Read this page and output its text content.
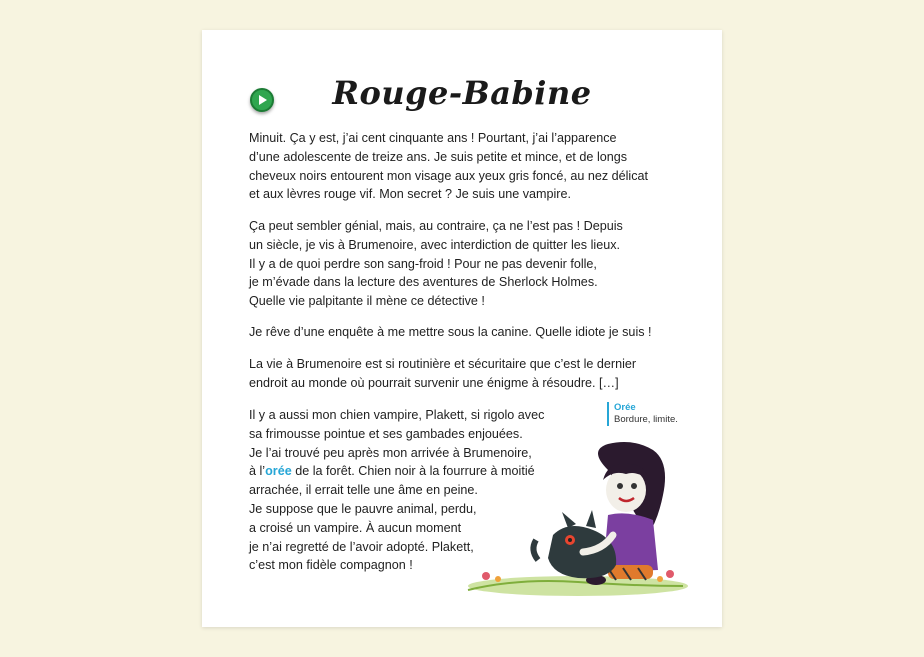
Rouge-Babine

Minuit. Ça y est, j’ai cent cinquante ans ! Pourtant, j’ai l’apparence
d’une adolescente de treize ans. Je suis petite et mince, et de longs
cheveux noirs entourent mon visage aux yeux gris foncé, au nez délicat
et aux lèvres rouge vif. Mon secret ? Je suis une vampire.

Ça peut sembler génial, mais, au contraire, ça ne l’est pas ! Depuis
un siècle, je vis à Brumenoire, avec interdiction de quitter les lieux.
Il y a de quoi perdre son sang-froid ! Pour ne pas devenir folle,
je m’évade dans la lecture des aventures de Sherlock Holmes.
Quelle vie palpitante il mène ce détective !

Je rêve d’une enquête à me mettre sous la canine. Quelle idiote je suis !

La vie à Brumenoire est si routinière et sécuritaire que c’est le dernier
endroit au monde où pourrait survenir une énigme à résoudre. […]

Il y a aussi mon chien vampire, Plakett, si rigolo avec
sa frimousse pointue et ses gambades enjouées.
Je l’ai trouvé peu après mon arrivée à Brumenoire,
à l’orée de la forêt. Chien noir à la fourrure à moitié
arrachée, il errait telle une âme en peine.
Je suppose que le pauvre animal, perdu,
a croisé un vampire. À aucun moment
je n’ai regretté de l’avoir adopté. Plakett,
c’est mon fidèle compagnon !

Orée
Bordure, limite.
